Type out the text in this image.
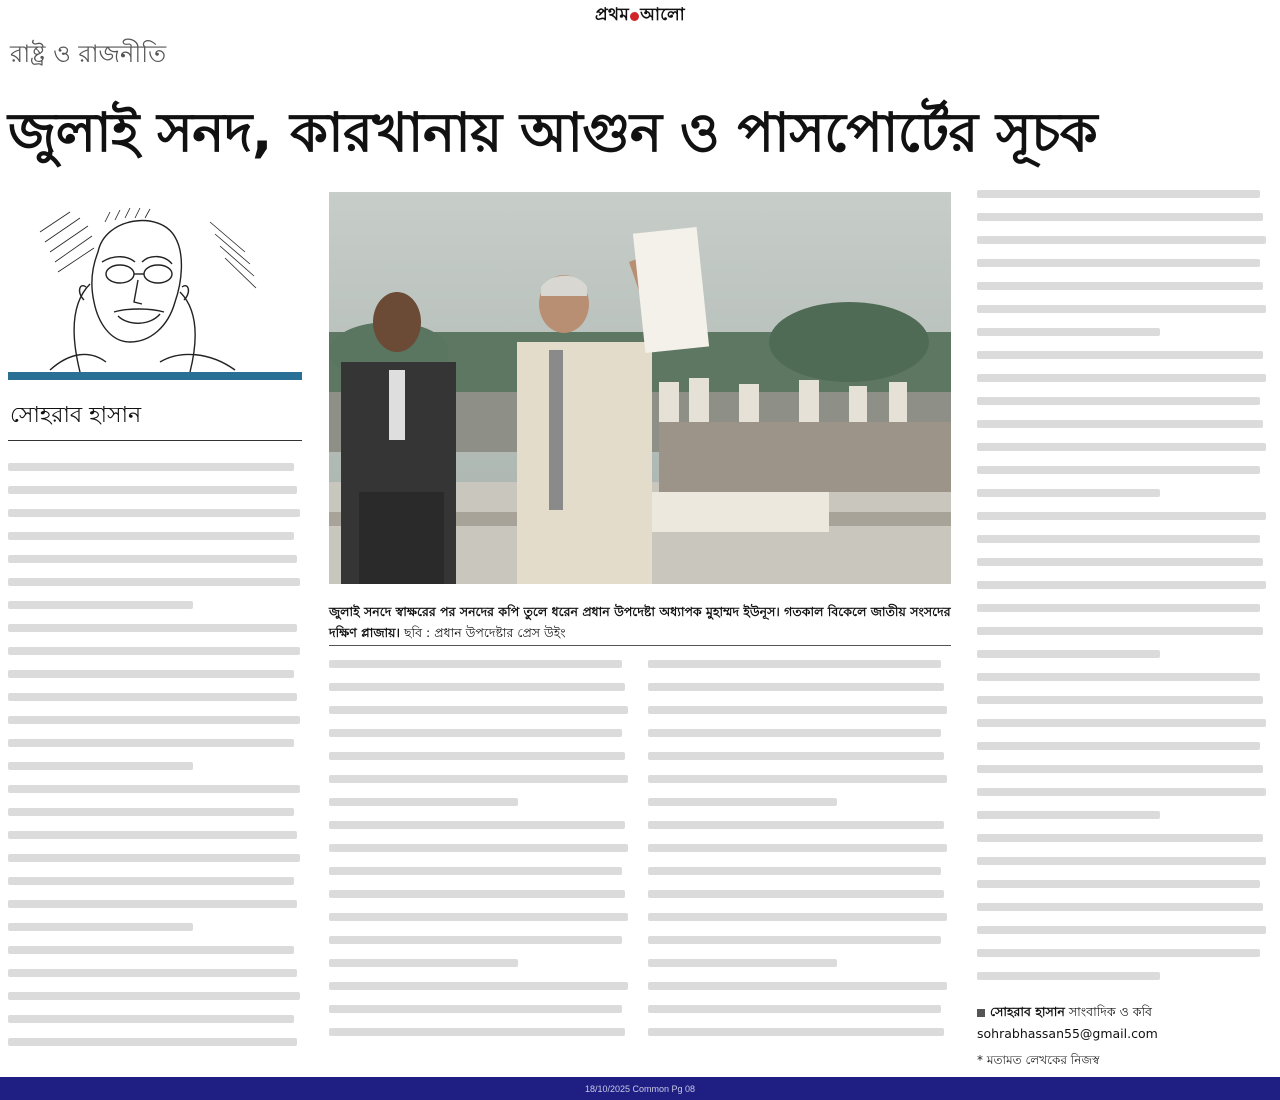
প্রথম আলো
রাষ্ট্র ও রাজনীতি
জুলাই সনদ, কারখানায় আগুন ও পাসপোর্টের সূচক
সোহরাব হাসান
জুলাই সনদে স্বাক্ষরের পর সনদের কপি তুলে ধরেন প্রধান উপদেষ্টা অধ্যাপক মুহাম্মদ ইউনূস। গতকাল বিকেলে জাতীয় সংসদের দক্ষিণ প্লাজায়। ছবি : প্রধান উপদেষ্টার প্রেস উইং
সোহরাব হাসান সাংবাদিক ও কবি
sohrabhassan55@gmail.com
* মতামত লেখকের নিজস্ব
18/10/2025 Common Pg 08
